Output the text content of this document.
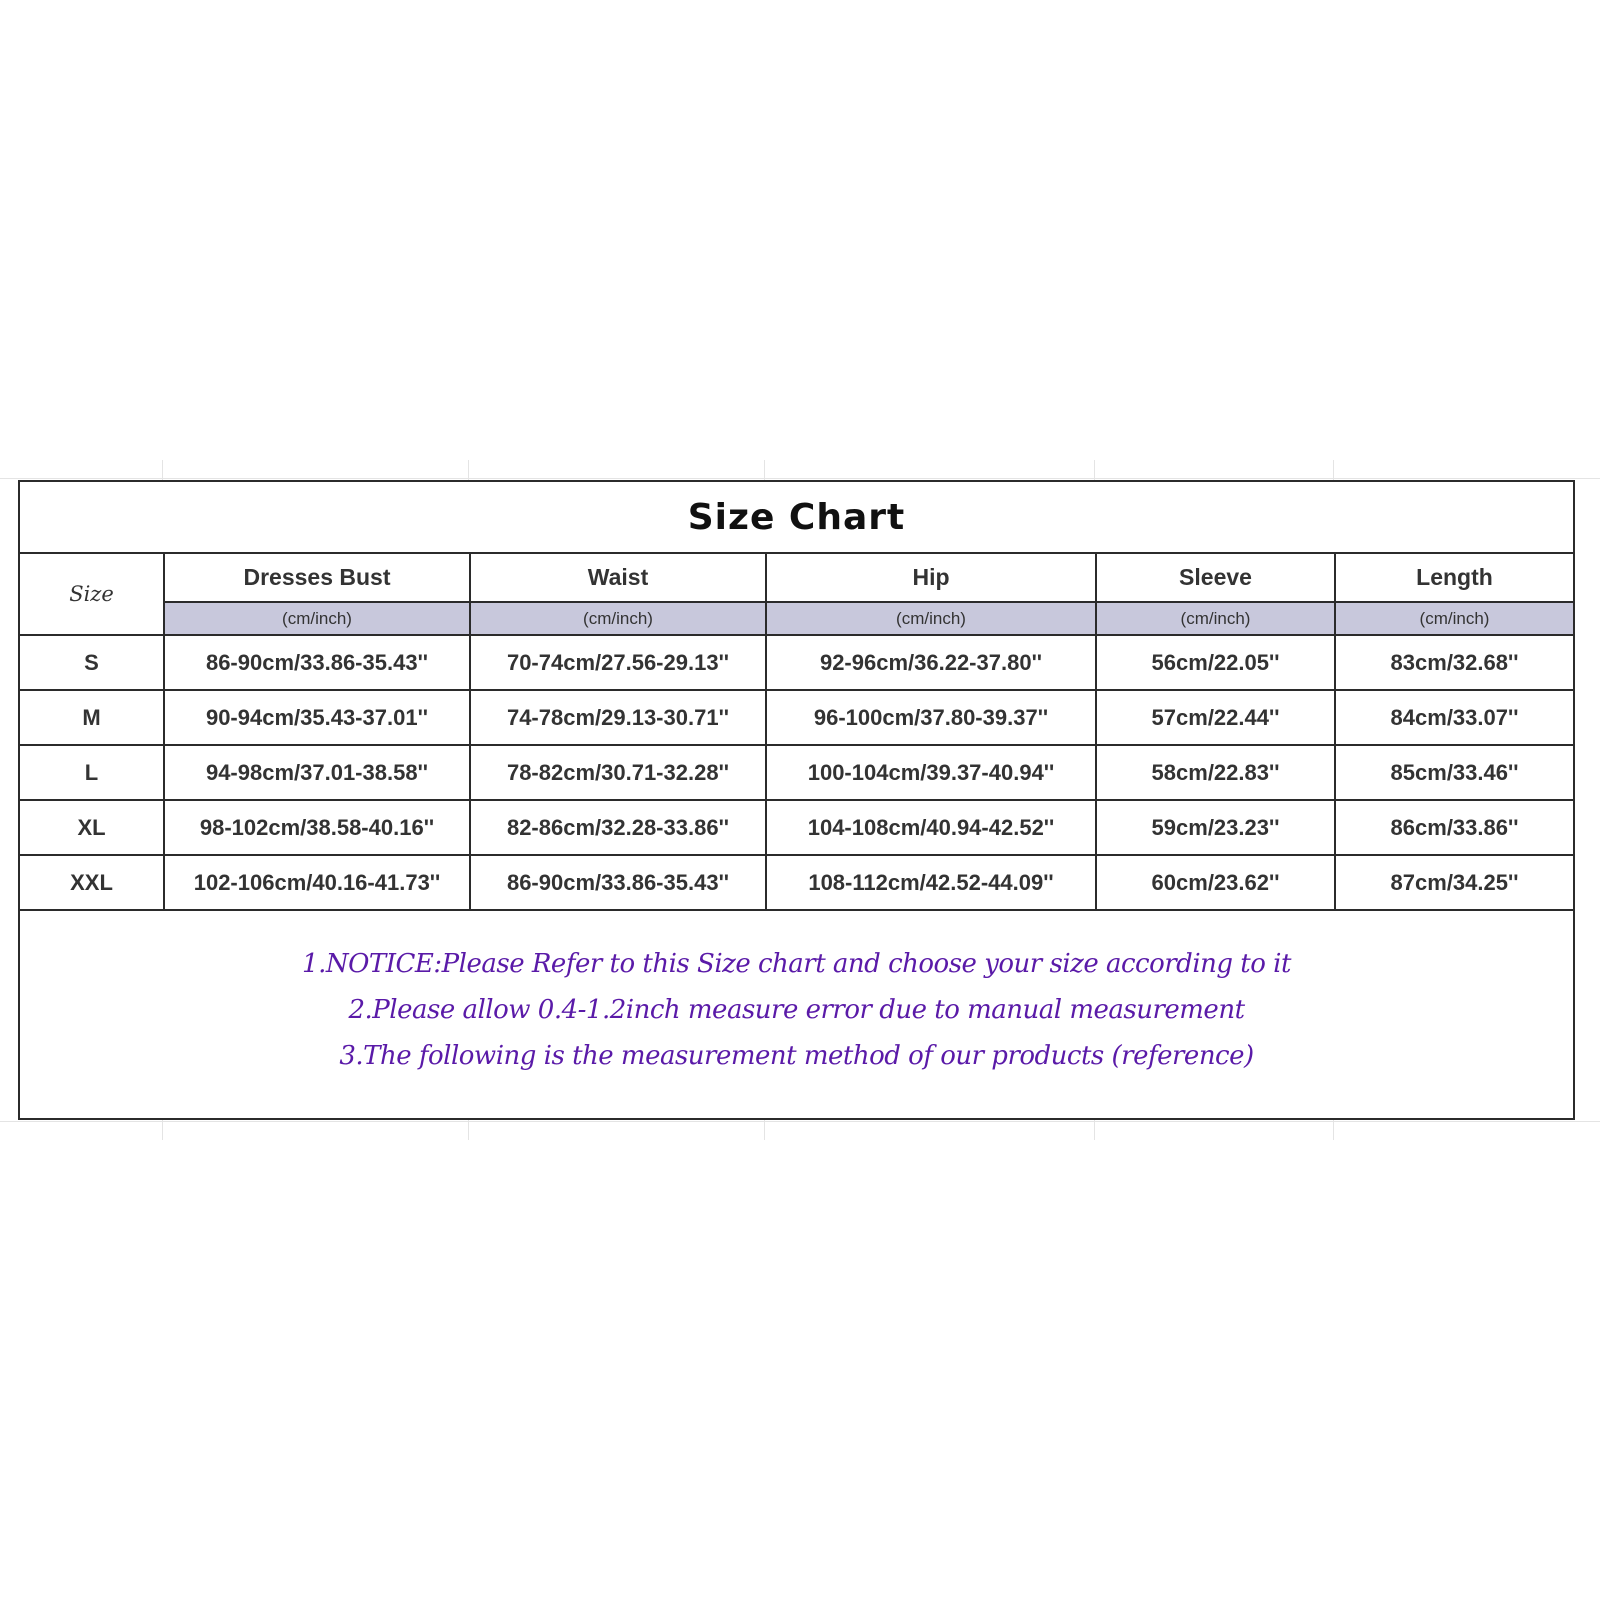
Size Chart
Size	Dresses Bust	Waist	Hip	Sleeve	Length
	(cm/inch)	(cm/inch)	(cm/inch)	(cm/inch)	(cm/inch)
S	86-90cm/33.86-35.43''	70-74cm/27.56-29.13''	92-96cm/36.22-37.80''	56cm/22.05''	83cm/32.68''
M	90-94cm/35.43-37.01''	74-78cm/29.13-30.71''	96-100cm/37.80-39.37''	57cm/22.44''	84cm/33.07''
L	94-98cm/37.01-38.58''	78-82cm/30.71-32.28''	100-104cm/39.37-40.94''	58cm/22.83''	85cm/33.46''
XL	98-102cm/38.58-40.16''	82-86cm/32.28-33.86''	104-108cm/40.94-42.52''	59cm/23.23''	86cm/33.86''
XXL	102-106cm/40.16-41.73''	86-90cm/33.86-35.43''	108-112cm/42.52-44.09''	60cm/23.62''	87cm/34.25''
1.NOTICE:Please Refer to this Size chart and choose your size according to it
2.Please allow 0.4-1.2inch measure error due to manual measurement
3.The following is the measurement method of our products (reference)
